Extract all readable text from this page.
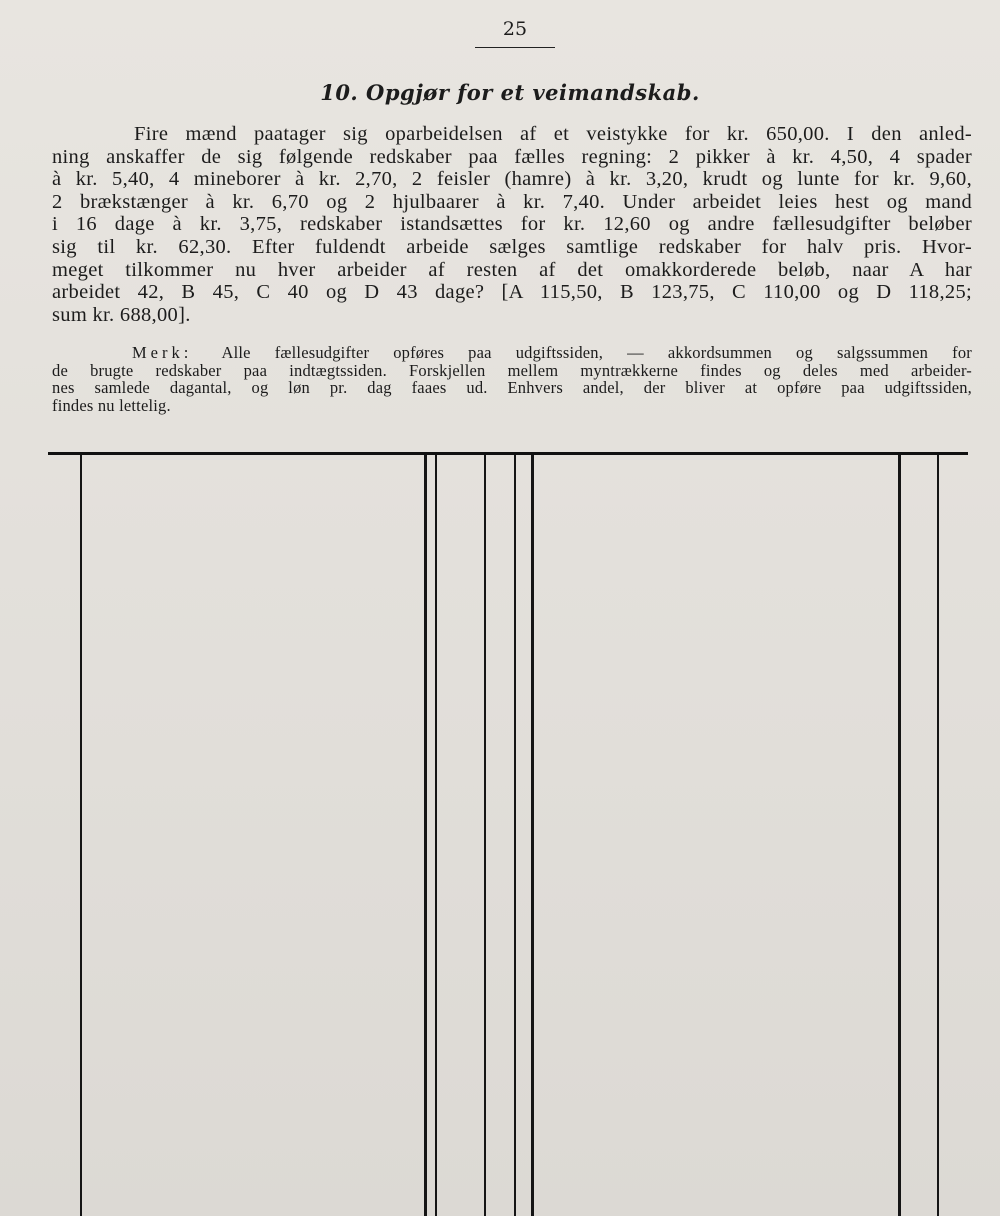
25
10. Opgjør for et veimandskab.
Fire mænd paatager sig oparbeidelsen af et veistykke for kr. 650,00. I den anled-
ning anskaffer de sig følgende redskaber paa fælles regning: 2 pikker à kr. 4,50, 4 spader
à kr. 5,40, 4 mineborer à kr. 2,70, 2 feisler (hamre) à kr. 3,20, krudt og lunte for kr. 9,60,
2 brækstænger à kr. 6,70 og 2 hjulbaarer à kr. 7,40. Under arbeidet leies hest og mand
i 16 dage à kr. 3,75, redskaber istandsættes for kr. 12,60 og andre fællesudgifter beløber
sig til kr. 62,30. Efter fuldendt arbeide sælges samtlige redskaber for halv pris. Hvor-
meget tilkommer nu hver arbeider af resten af det omakkorderede beløb, naar A har
arbeidet 42, B 45, C 40 og D 43 dage? [A 115,50, B 123,75, C 110,00 og D 118,25;
sum kr. 688,00].
Merk: Alle fællesudgifter opføres paa udgiftssiden, — akkordsummen og salgssummen for
de brugte redskaber paa indtægtssiden. Forskjellen mellem myntrækkerne findes og deles med arbeider-
nes samlede dagantal, og løn pr. dag faaes ud. Enhvers andel, der bliver at opføre paa udgiftssiden,
findes nu lettelig.
